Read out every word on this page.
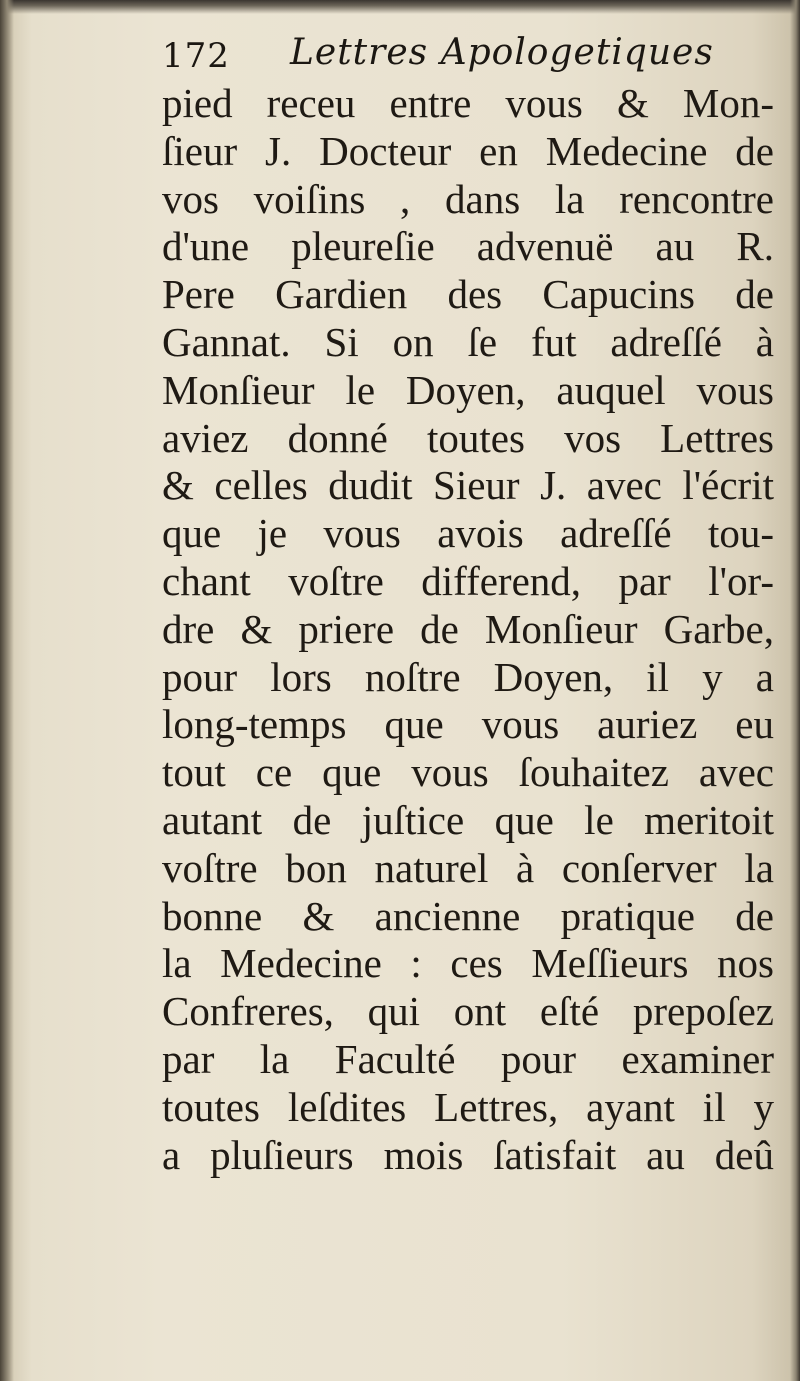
172 Lettres Apologetiques
pied receu entre vous & Mon-
ſieur J. Docteur en Medecine de
vos voiſins , dans la rencontre
d'une pleureſie advenuë au R.
Pere Gardien des Capucins de
Gannat. Si on ſe fut adreſſé à
Monſieur le Doyen, auquel vous
aviez donné toutes vos Lettres
& celles dudit Sieur J. avec l'écrit
que je vous avois adreſſé tou-
chant voſtre differend, par l'or-
dre & priere de Monſieur Garbe,
pour lors noſtre Doyen, il y a
long-temps que vous auriez eu
tout ce que vous ſouhaitez avec
autant de juſtice que le meritoit
voſtre bon naturel à conſerver la
bonne & ancienne pratique de
la Medecine : ces Meſſieurs nos
Confreres, qui ont eſté prepoſez
par la Faculté pour examiner
toutes leſdites Lettres, ayant il y
a pluſieurs mois ſatisfait au deû
